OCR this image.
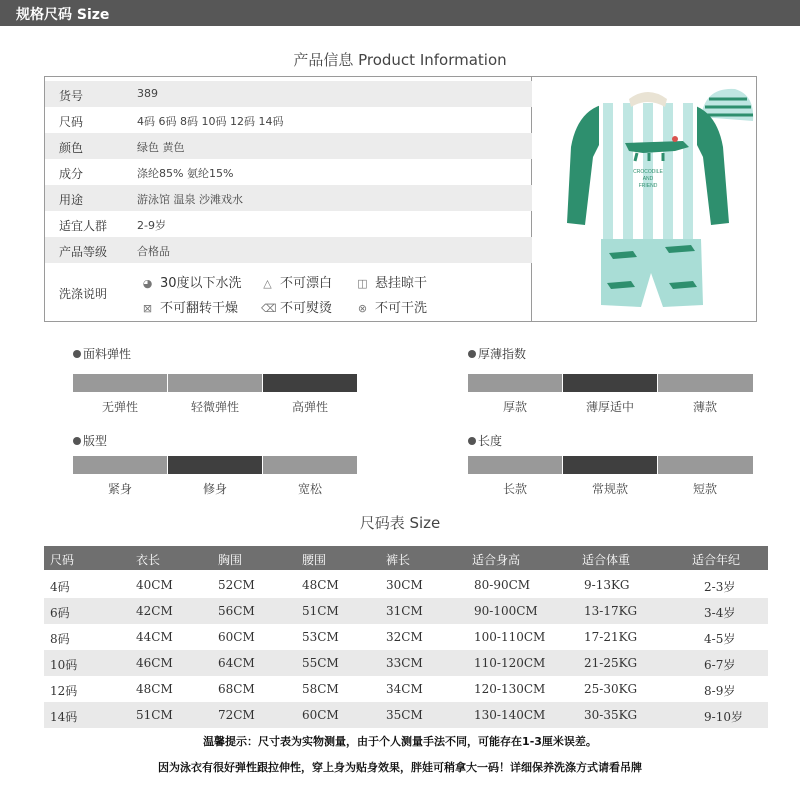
规格尺码 Size
产品信息 Product Information
货号	389
尺码	4码 6码 8码 10码 12码 14码
颜色	绿色 黄色
成分	涤纶85% 氨纶15%
用途	游泳馆 温泉 沙滩戏水
适宜人群	2-9岁
产品等级	合格品
洗涤说明
◕ 30度以下水洗 △ 不可漂白 ◫ 悬挂晾干
⊠ 不可翻转干燥 ⌫ 不可熨烫 ⊗ 不可干洗
CROCODILE
AND
FRIEND
面料弹性
无弹性	轻微弹性	高弹性
厚薄指数
厚款	薄厚适中	薄款
版型
紧身	修身	宽松
长度
长款	常规款	短款
尺码表 Size
尺码	衣长	胸围	腰围	裤长	适合身高	适合体重	适合年纪
4码	40CM	52CM	48CM	30CM	80-90CM	9-13KG	2-3岁
6码	42CM	56CM	51CM	31CM	90-100CM	13-17KG	3-4岁
8码	44CM	60CM	53CM	32CM	100-110CM	17-21KG	4-5岁
10码	46CM	64CM	55CM	33CM	110-120CM	21-25KG	6-7岁
12码	48CM	68CM	58CM	34CM	120-130CM	25-30KG	8-9岁
14码	51CM	72CM	60CM	35CM	130-140CM	30-35KG	9-10岁
温馨提示：尺寸表为实物测量，由于个人测量手法不同，可能存在1-3厘米误差。
因为泳衣有很好弹性跟拉伸性，穿上身为贴身效果，胖娃可稍拿大一码！详细保养洗涤方式请看吊牌
